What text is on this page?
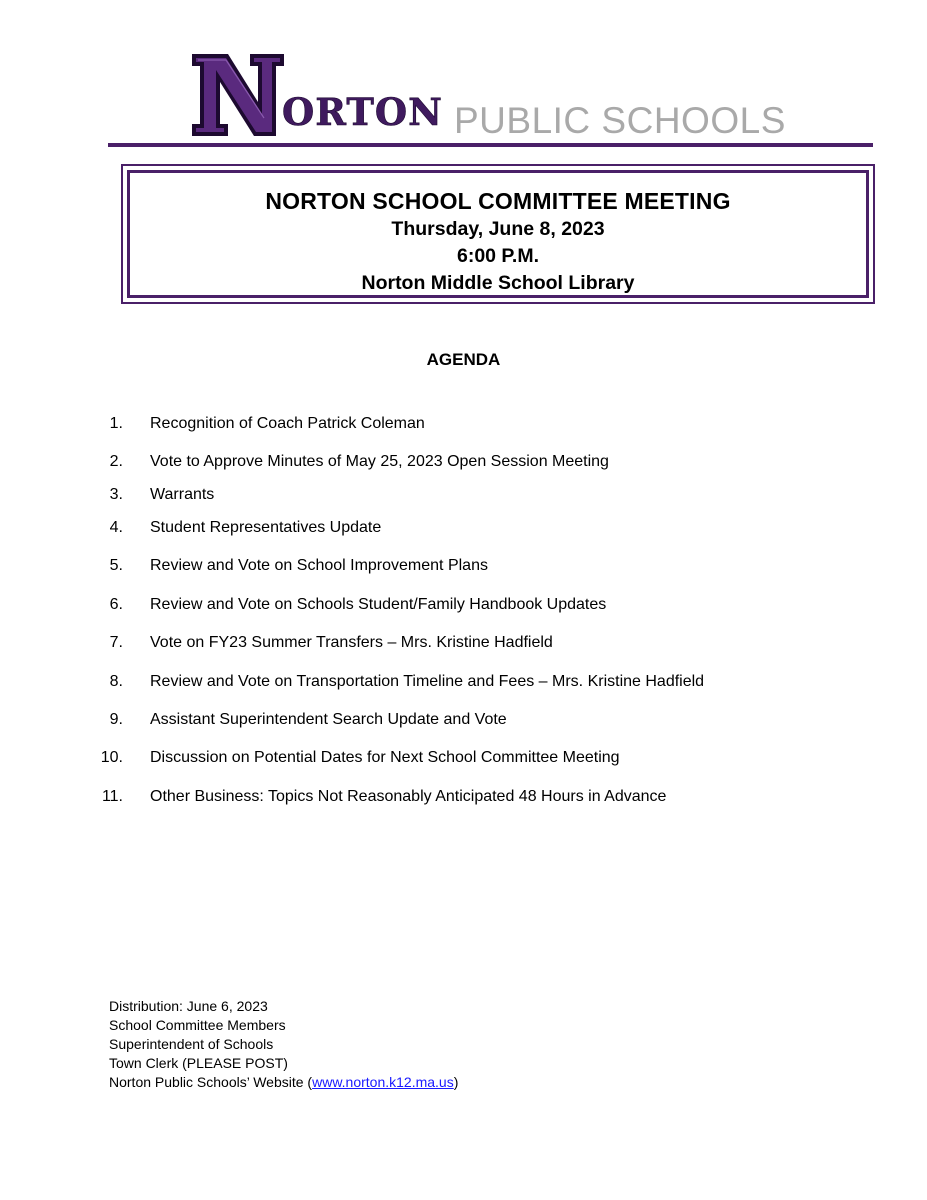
ORTON PUBLIC SCHOOLS
NORTON SCHOOL COMMITTEE MEETING
Thursday, June 8, 2023
6:00 P.M.
Norton Middle School Library
AGENDA
1. Recognition of Coach Patrick Coleman
2. Vote to Approve Minutes of May 25, 2023 Open Session Meeting
3. Warrants
4. Student Representatives Update
5. Review and Vote on School Improvement Plans
6. Review and Vote on Schools Student/Family Handbook Updates
7. Vote on FY23 Summer Transfers – Mrs. Kristine Hadfield
8. Review and Vote on Transportation Timeline and Fees – Mrs. Kristine Hadfield
9. Assistant Superintendent Search Update and Vote
10. Discussion on Potential Dates for Next School Committee Meeting
11. Other Business: Topics Not Reasonably Anticipated 48 Hours in Advance
Distribution: June 6, 2023
School Committee Members
Superintendent of Schools
Town Clerk (PLEASE POST)
Norton Public Schools’ Website (www.norton.k12.ma.us)
